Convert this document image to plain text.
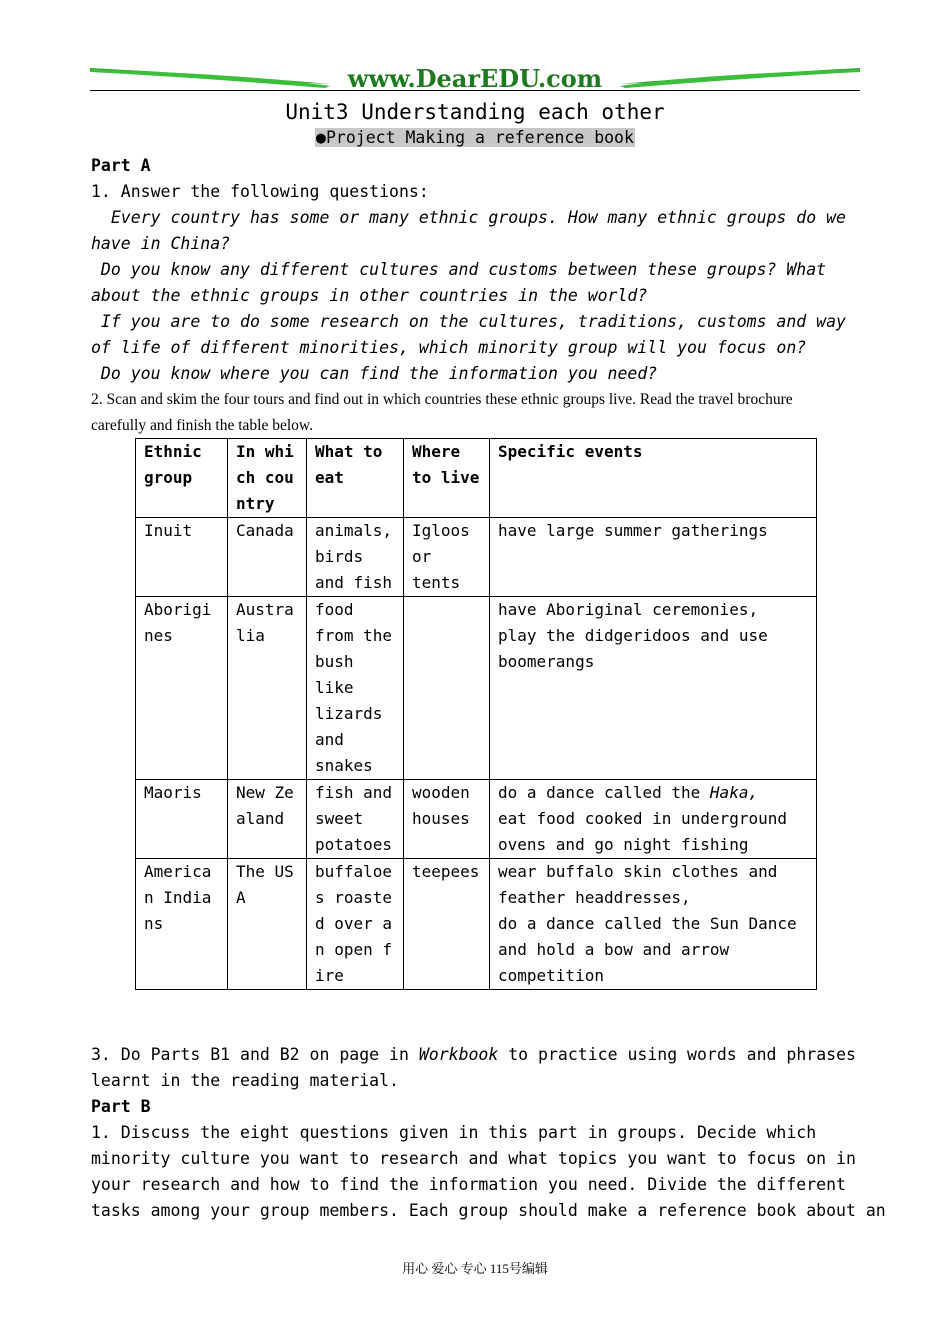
www.DearEDU.com
Unit3 Understanding each other
●Project Making a reference book
Part A
1. Answer the following questions:
Every country has some or many ethnic groups. How many ethnic groups do we
have in China?
Do you know any different cultures and customs between these groups? What
about the ethnic groups in other countries in the world?
If you are to do some research on the cultures, traditions, customs and way
of life of different minorities, which minority group will you focus on?
Do you know where you can find the information you need?
2. Scan and skim the four tours and find out in which countries these ethnic groups live. Read the travel brochure
carefully and finish the table below.
Ethnic group	In which country	What to eat	Where to live	Specific events
Inuit	Canada	animals, birds and fish	Igloos or tents	have large summer gatherings
Aborigines	Australia	food from the bush like lizards and snakes		have Aboriginal ceremonies,
play the didgeridoos and use boomerangs
Maoris	New Zealand	fish and sweet potatoes	wooden houses	do a dance called the Haka,
eat food cooked in underground ovens and go night fishing
American Indians	The USA	buffaloes roasted over an open fire	teepees	wear buffalo skin clothes and feather headdresses,
do a dance called the Sun Dance and hold a bow and arrow competition
3. Do Parts B1 and B2 on page in Workbook to practice using words and phrases
learnt in the reading material.
Part B
1. Discuss the eight questions given in this part in groups. Decide which
minority culture you want to research and what topics you want to focus on in
your research and how to find the information you need. Divide the different
tasks among your group members. Each group should make a reference book about an
用心 爱心 专心 115号编辑
